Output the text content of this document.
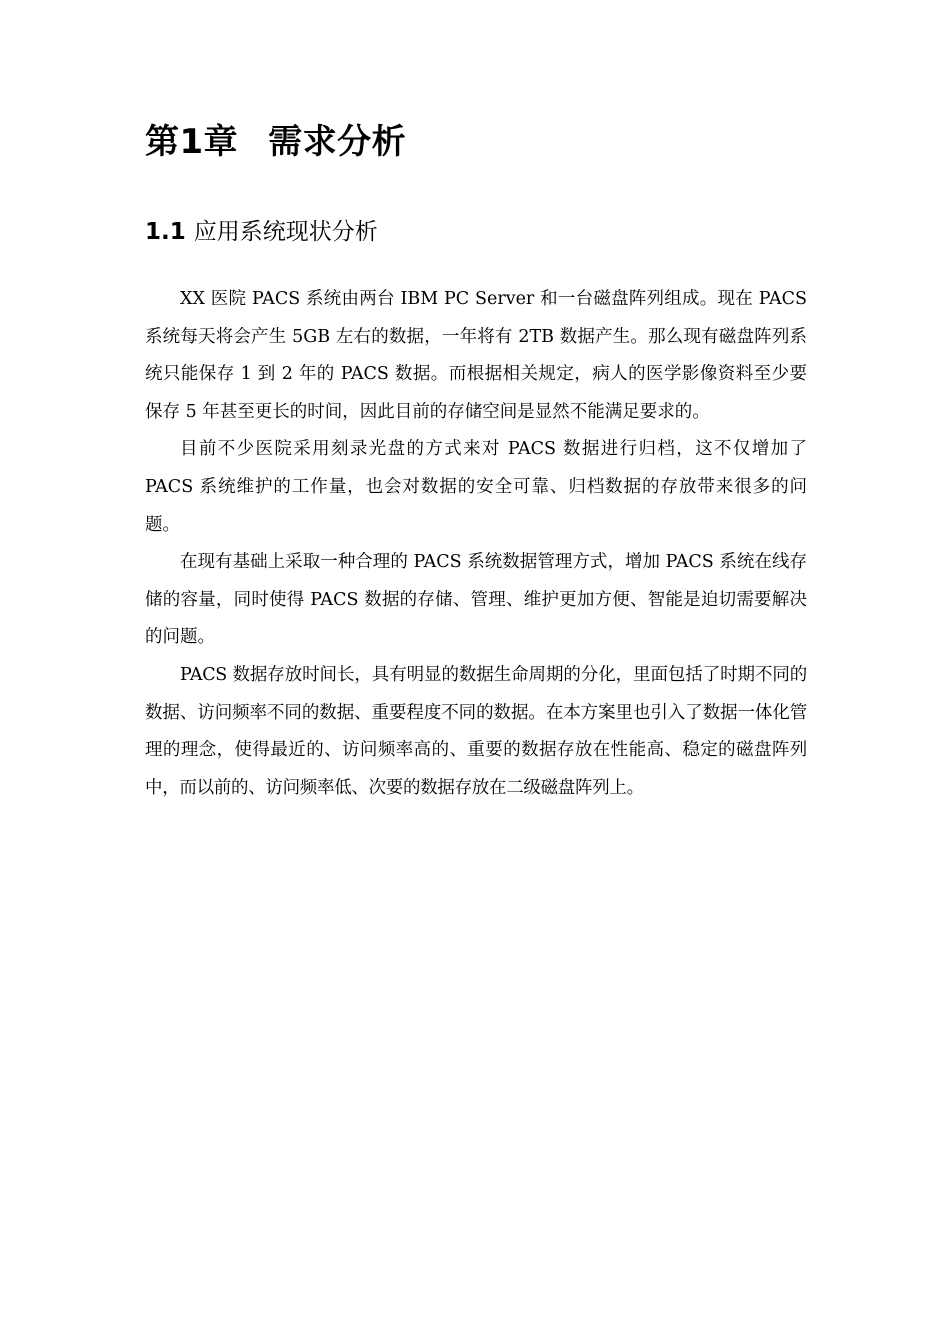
第1章 需求分析
1.1 应用系统现状分析

XX 医院 PACS 系统由两台 IBM PC Server 和一台磁盘阵列组成。现在 PACS 系统每天将会产生 5GB 左右的数据，一年将有 2TB 数据产生。那么现有磁盘阵列系统只能保存 1 到 2 年的 PACS 数据。而根据相关规定，病人的医学影像资料至少要保存 5 年甚至更长的时间，因此目前的存储空间是显然不能满足要求的。

目前不少医院采用刻录光盘的方式来对 PACS 数据进行归档，这不仅增加了 PACS 系统维护的工作量，也会对数据的安全可靠、归档数据的存放带来很多的问题。

在现有基础上采取一种合理的 PACS 系统数据管理方式，增加 PACS 系统在线存储的容量，同时使得 PACS 数据的存储、管理、维护更加方便、智能是迫切需要解决的问题。

PACS 数据存放时间长，具有明显的数据生命周期的分化，里面包括了时期不同的数据、访问频率不同的数据、重要程度不同的数据。在本方案里也引入了数据一体化管理的理念，使得最近的、访问频率高的、重要的数据存放在性能高、稳定的磁盘阵列中，而以前的、访问频率低、次要的数据存放在二级磁盘阵列上。
